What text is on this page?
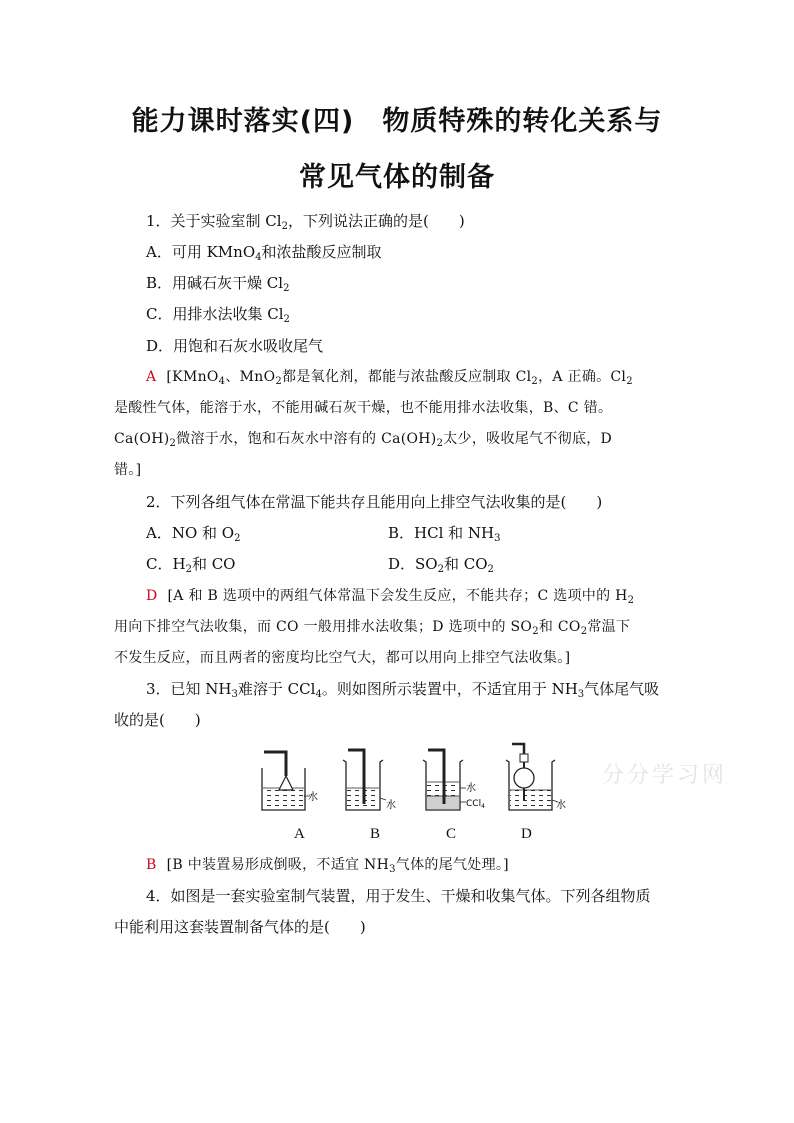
能力课时落实(四)　物质特殊的转化关系与
常见气体的制备
1．关于实验室制 $Cl_2$，下列说法正确的是(　　)
A．可用 KMnO$_4$和浓盐酸反应制取
B．用碱石灰干燥 $Cl_2$
C．用排水法收集 $Cl_2$
D．用饱和石灰水吸收尾气
A [KMnO$_4$、MnO$_2$都是氧化剂，都能与浓盐酸反应制取 $Cl_2$，A 正确。$Cl_2$
是酸性气体，能溶于水，不能用碱石灰干燥，也不能用排水法收集，B、C 错。
$Ca(OH)_2$微溶于水，饱和石灰水中溶有的 $Ca(OH)_2$太少，吸收尾气不彻底，D
错。]
2．下列各组气体在常温下能共存且能用向上排空气法收集的是(　　)
A．NO 和 $O_2$	B．HCl 和 $NH_3$
C．$H_2$和 CO	D．$SO_2$和 $CO_2$
D [A 和 B 选项中的两组气体常温下会发生反应，不能共存；C 选项中的 $H_2$
用向下排空气法收集，而 CO 一般用排水法收集；D 选项中的 $SO_2$和 $CO_2$常温下
不发生反应，而且两者的密度均比空气大，都可以用向上排空气法收集。]
3．已知 $NH_3$难溶于 CCl$_4$。则如图所示装置中，不适宜用于 $NH_3$气体尾气吸
收的是(　　)
水
水
水
CCl$_4$	水
A	B	C	D
分分学习网
B [B 中装置易形成倒吸，不适宜 $NH_3$气体的尾气处理。]
4．如图是一套实验室制气装置，用于发生、干燥和收集气体。下列各组物质
中能利用这套装置制备气体的是(　　)
